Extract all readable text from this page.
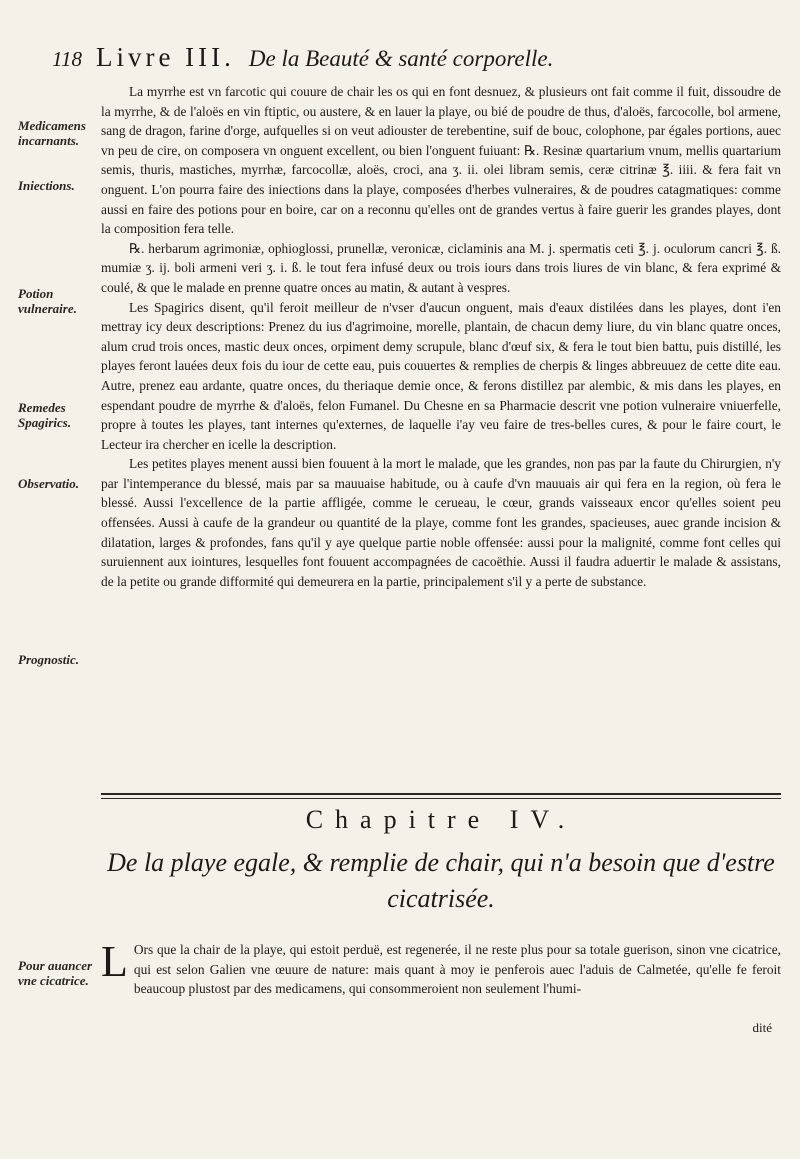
118 Livre III. De la Beauté & santé corporelle.
Medicamens incarnants.
Iniections.
Potion vulneraire.
Remedes Spagirics.
Observatio.
Prognostic.
Pour auancer vne cicatrice.

La myrrhe est vn farcotic qui couure de chair les os qui en font desnuez, & plusieurs ont fait comme il fuit, dissoudre de la myrrhe, & de l'aloës en vin ftiptic, ou austere, & en lauer la playe, ou bié de poudre de thus, d'aloës, farcocolle, bol armene, sang de dragon, farine d'orge, aufquelles si on veut adiouster de terebentine, suif de bouc, colophone, par égales portions, auec vn peu de cire, on composera vn onguent excellent, ou bien l'onguent fuiuant: ℞. Resinæ quartarium vnum, mellis quartarium semis, thuris, mastiches, myrrhæ, farcocollæ, aloës, croci, ana ʒ. ii. olei libram semis, ceræ citrinæ ℥. iiii. & fera fait vn onguent. L'on pourra faire des iniections dans la playe, composées d'herbes vulneraires, & de poudres catagmatiques: comme aussi en faire des potions pour en boire, car on a reconnu qu'elles ont de grandes vertus à faire guerir les grandes playes, dont la composition fera telle.

℞. herbarum agrimoniæ, ophioglossi, prunellæ, veronicæ, ciclaminis ana M. j. spermatis ceti ℥. j. oculorum cancri ℥. ß. mumiæ ʒ. ij. boli armeni veri ʒ. i. ß. le tout fera infusé deux ou trois iours dans trois liures de vin blanc, & fera exprimé & coulé, & que le malade en prenne quatre onces au matin, & autant à vespres.

Les Spagirics disent, qu'il feroit meilleur de n'vser d'aucun onguent, mais d'eaux distilées dans les playes, dont i'en mettray icy deux descriptions: Prenez du ius d'agrimoine, morelle, plantain, de chacun demy liure, du vin blanc quatre onces, alum crud trois onces, mastic deux onces, orpiment demy scrupule, blanc d'œuf six, & fera le tout bien battu, puis distillé, les playes feront lauées deux fois du iour de cette eau, puis couuertes & remplies de cherpis & linges abbreuuez de cette dite eau. Autre, prenez eau ardante, quatre onces, du theriaque demie once, & ferons distillez par alembic, & mis dans les playes, en espendant poudre de myrrhe & d'aloës, felon Fumanel. Du Chesne en sa Pharmacie descrit vne potion vulneraire vniuerfelle, propre à toutes les playes, tant internes qu'externes, de laquelle i'ay veu faire de tres-belles cures, & pour le faire court, le Lecteur ira chercher en icelle la description.

Les petites playes menent aussi bien fouuent à la mort le malade, que les grandes, non pas par la faute du Chirurgien, n'y par l'intemperance du blessé, mais par sa mauuaise habitude, ou à caufe d'vn mauuais air qui fera en la region, où fera le blessé. Aussi l'excellence de la partie affligée, comme le cerueau, le cœur, grands vaisseaux encor qu'elles soient peu offensées. Aussi à caufe de la grandeur ou quantité de la playe, comme font les grandes, spacieuses, auec grande incision & dilatation, larges & profondes, fans qu'il y aye quelque partie noble offensée: aussi pour la malignité, comme font celles qui suruiennent aux iointures, lesquelles font fouuent accompagnées de cacoëthie. Aussi il faudra aduertir le malade & assistans, de la petite ou grande difformité qui demeurera en la partie, principalement s'il y a perte de substance.

Chapitre IV.
De la playe egale, & remplie de chair, qui n'a besoin que d'estre cicatrisée.
L Ors que la chair de la playe, qui estoit perduë, est regenerée, il ne reste plus pour sa totale guerison, sinon vne cicatrice, qui est selon Galien vne œuure de nature: mais quant à moy ie penferois auec l'aduis de Calmetée, qu'elle fe feroit beaucoup plustost par des medicamens, qui consommeroient non seulement l'humi-
dité
